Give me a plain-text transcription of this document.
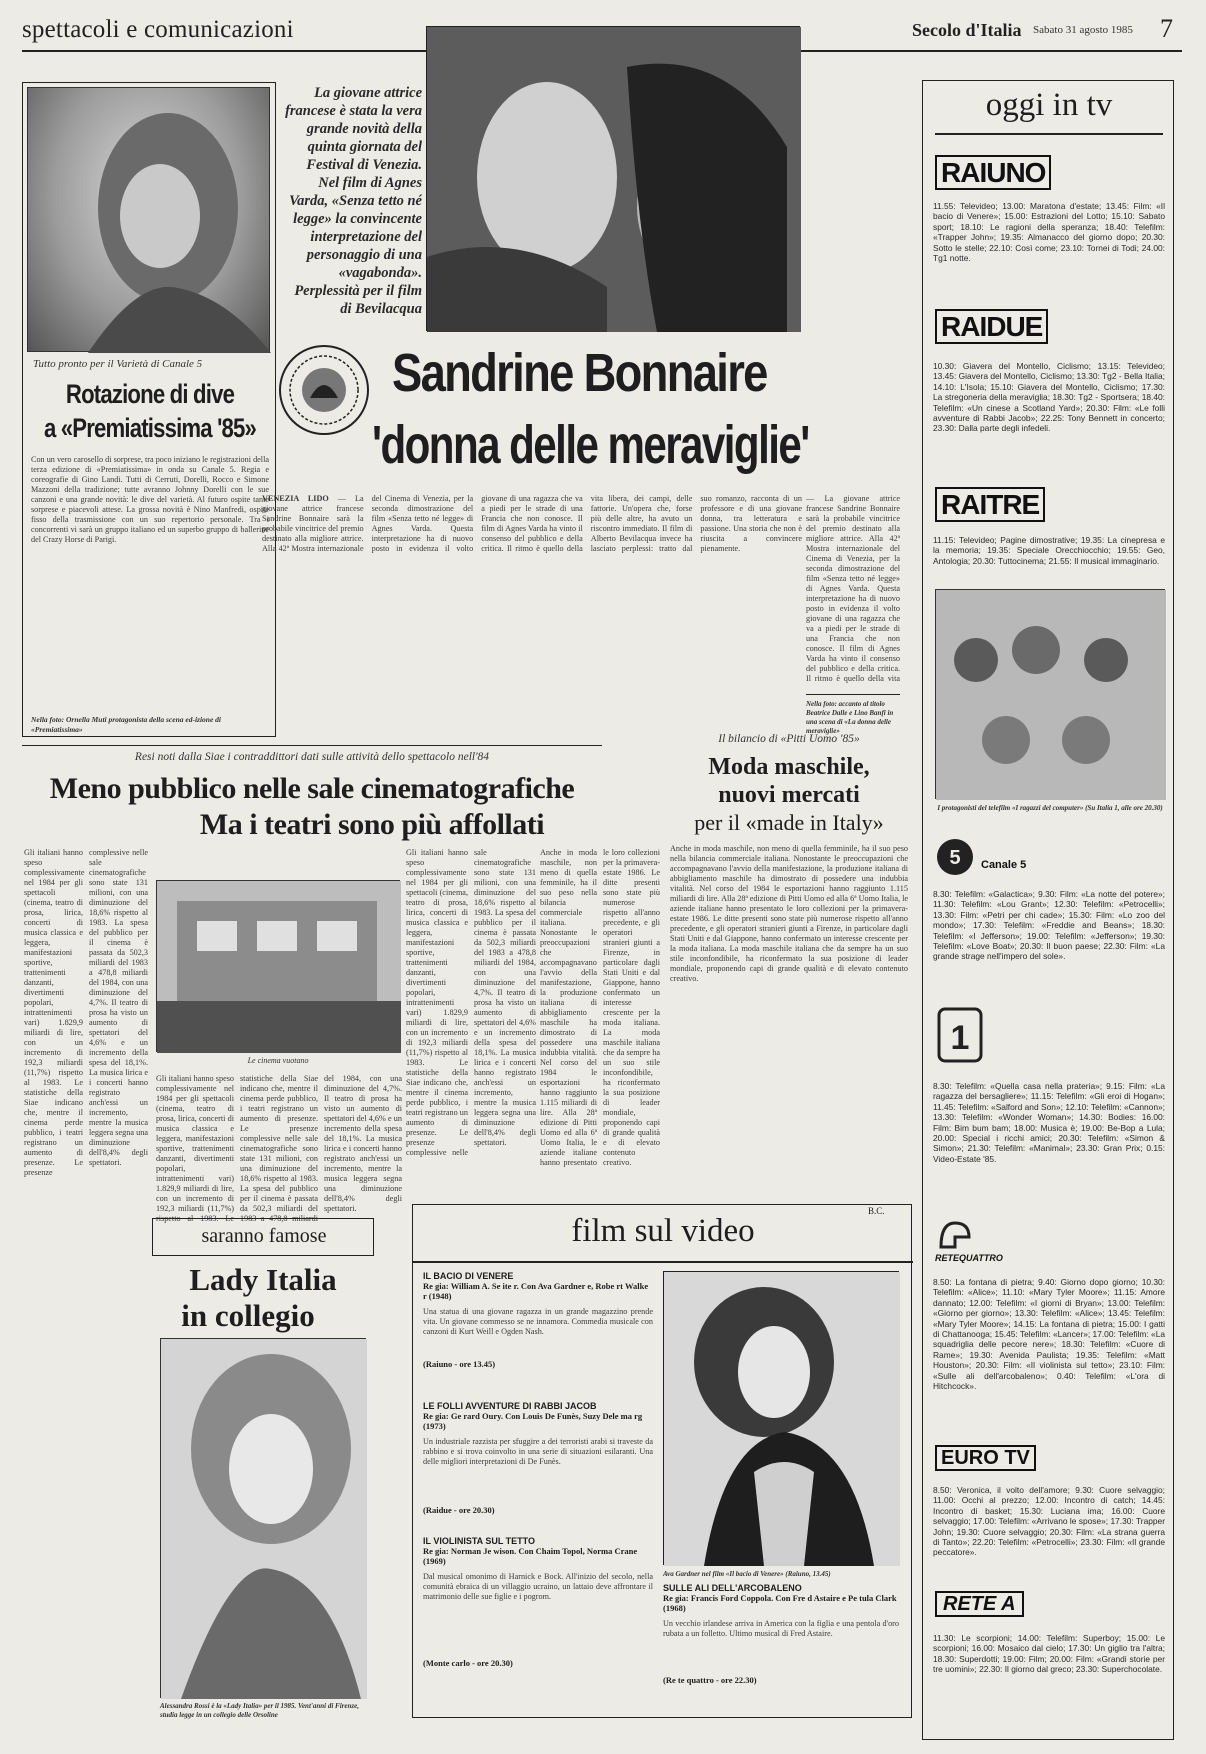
spettacoli e comunicazioni	Secolo d'Italia Sabato 31 agosto 1985 7
Tutto pronto per il Varietà di Canale 5
Rotazione di dive
a «Premiatissima '85»
Con un vero carosello di sorprese, tra poco iniziano le registrazioni della terza edizione di «Premiatissima» in onda su Canale 5. Regia e coreografie di Gino Landi. Tutti di Cerruti, Dorelli, Rocco e Simone Mazzoni della tradizione; tutte avranno Johnny Dorelli con le sue canzoni e una grande novità: le dive del varietà. Al futuro ospite tante sorprese e piacevoli attese. La grossa novità è Nino Manfredi, ospite fisso della trasmissione con un suo repertorio personale. Tra i concorrenti vi sarà un gruppo italiano ed un superbo gruppo di ballerine del Crazy Horse di Parigi.
Nella foto: Ornella Muti protagonista della scena ed-izione di «Premiatissima»
La giovane attrice francese è stata la vera grande novità della quinta giornata del Festival di Venezia. Nel film di Agnes Varda, «Senza tetto né legge» la convincente interpretazione del personaggio di una «vagabonda». Perplessità per il film di Bevilacqua
Sandrine Bonnaire
'donna delle meraviglie'
VENEZIA LIDO — La giovane attrice francese Sandrine Bonnaire sarà la probabile vincitrice del premio destinato alla migliore attrice. Alla 42ª Mostra internazionale del Cinema di Venezia, per la seconda dimostrazione del film «Senza tetto né legge» di Agnes Varda. Questa interpretazione ha di nuovo posto in evidenza il volto giovane di una ragazza che va a piedi per le strade di una Francia che non conosce. Il film di Agnes Varda ha vinto il consenso del pubblico e della critica. Il ritmo è quello della vita libera, dei campi, delle fattorie. Un'opera che, forse più delle altre, ha avuto un riscontro immediato. Il film di Alberto Bevilacqua invece ha lasciato perplessi: tratto dal suo romanzo, racconta di un professore e di una giovane donna, tra letteratura e passione. Una storia che non è riuscita a convincere pienamente.
— La giovane attrice francese Sandrine Bonnaire sarà la probabile vincitrice del premio destinato alla migliore attrice. Alla 42ª Mostra internazionale del Cinema di Venezia, per la seconda dimostrazione del film «Senza tetto né legge» di Agnes Varda. Questa interpretazione ha di nuovo posto in evidenza il volto giovane di una ragazza che va a piedi per le strade di una Francia che non conosce. Il film di Agnes Varda ha vinto il consenso del pubblico e della critica. Il ritmo è quello della vita
Nella foto: accanto al titolo Beatrice Dalle e Lino Banfi in una scena di «La donna delle meraviglie»
Resi noti dalla Siae i contraddittori dati sulle attività dello spettacolo nell'84
Meno pubblico nelle sale cinematografiche
Ma i teatri sono più affollati
Gli italiani hanno speso complessivamente nel 1984 per gli spettacoli (cinema, teatro di prosa, lirica, concerti di musica classica e leggera, manifestazioni sportive, trattenimenti danzanti, divertimenti popolari, intrattenimenti vari) 1.829,9 miliardi di lire, con un incremento di 192,3 miliardi (11,7%) rispetto al 1983. Le statistiche della Siae indicano che, mentre il cinema perde pubblico, i teatri registrano un aumento di presenze. Le presenze complessive nelle sale cinematografiche sono state 131 milioni, con una diminuzione del 18,6% rispetto al 1983. La spesa del pubblico per il cinema è passata da 502,3 miliardi del 1983 a 478,8 miliardi del 1984, con una diminuzione del 4,7%. Il teatro di prosa ha visto un aumento di spettatori del 4,6% e un incremento della spesa del 18,1%. La musica lirica e i concerti hanno registrato anch'essi un incremento, mentre la musica leggera segna una diminuzione dell'8,4% degli spettatori.
Le cinema vuotano
Gli italiani hanno speso complessivamente nel 1984 per gli spettacoli (cinema, teatro di prosa, lirica, concerti di musica classica e leggera, manifestazioni sportive, trattenimenti danzanti, divertimenti popolari, intrattenimenti vari) 1.829,9 miliardi di lire, con un incremento di 192,3 miliardi (11,7%) rispetto al 1983. Le statistiche della Siae indicano che, mentre il cinema perde pubblico, i teatri registrano un aumento di presenze. Le presenze complessive nelle sale cinematografiche sono state 131 milioni, con una diminuzione del 18,6% rispetto al 1983. La spesa del pubblico per il cinema è passata da 502,3 miliardi del 1983 a 478,8 miliardi del 1984, con una diminuzione del 4,7%. Il teatro di prosa ha visto un aumento di spettatori del 4,6% e un incremento della spesa del 18,1%. La musica lirica e i concerti hanno registrato anch'essi un incremento, mentre la musica leggera segna una diminuzione dell'8,4% degli spettatori.
Gli italiani hanno speso complessivamente nel 1984 per gli spettacoli (cinema, teatro di prosa, lirica, concerti di musica classica e leggera, manifestazioni sportive, trattenimenti danzanti, divertimenti popolari, intrattenimenti vari) 1.829,9 miliardi di lire, con un incremento di 192,3 miliardi (11,7%) rispetto al 1983. Le statistiche della Siae indicano che, mentre il cinema perde pubblico, i teatri registrano un aumento di presenze. Le presenze complessive nelle sale cinematografiche sono state 131 milioni, con una diminuzione del 18,6% rispetto al 1983. La spesa del pubblico per il cinema è passata da 502,3 miliardi del 1983 a 478,8 miliardi del 1984, con una diminuzione del 4,7%. Il teatro di prosa ha visto un aumento di spettatori del 4,6% e un incremento della spesa del 18,1%. La musica lirica e i concerti hanno registrato anch'essi un incremento, mentre la musica leggera segna una diminuzione dell'8,4% degli spettatori.
Il bilancio di «Pitti Uomo '85»
Moda maschile,
nuovi mercati
per il «made in Italy»
Anche in moda maschile, non meno di quella femminile, ha il suo peso nella bilancia commerciale italiana. Nonostante le preoccupazioni che accompagnavano l'avvio della manifestazione, la produzione italiana di abbigliamento maschile ha dimostrato di possedere una indubbia vitalità. Nel corso del 1984 le esportazioni hanno raggiunto 1.115 miliardi di lire. Alla 28ª edizione di Pitti Uomo ed alla 6ª Uomo Italia, le aziende italiane hanno presentato le loro collezioni per la primavera-estate 1986. Le ditte presenti sono state più numerose rispetto all'anno precedente, e gli operatori stranieri giunti a Firenze, in particolare dagli Stati Uniti e dal Giappone, hanno confermato un interesse crescente per la moda italiana. La moda maschile italiana che da sempre ha un suo stile inconfondibile, ha riconfermato la sua posizione di leader mondiale, proponendo capi di grande qualità e di elevato contenuto creativo.
B.C.
Anche in moda maschile, non meno di quella femminile, ha il suo peso nella bilancia commerciale italiana. Nonostante le preoccupazioni che accompagnavano l'avvio della manifestazione, la produzione italiana di abbigliamento maschile ha dimostrato di possedere una indubbia vitalità. Nel corso del 1984 le esportazioni hanno raggiunto 1.115 miliardi di lire. Alla 28ª edizione di Pitti Uomo ed alla 6ª Uomo Italia, le aziende italiane hanno presentato le loro collezioni per la primavera-estate 1986. Le ditte presenti sono state più numerose rispetto all'anno precedente, e gli operatori stranieri giunti a Firenze, in particolare dagli Stati Uniti e dal Giappone, hanno confermato un interesse crescente per la moda italiana. La moda maschile italiana che da sempre ha un suo stile inconfondibile, ha riconfermato la sua posizione di leader mondiale, proponendo capi di grande qualità e di elevato contenuto creativo.
saranno famose
Lady Italia
in collegio
Alessandra Rossi è la «Lady Italia» per il 1985. Vent'anni di Firenze, studia legge in un collegio delle Orsoline
film sul video
IL BACIO DI VENERE
Re gia: William A. Se ite r. Con Ava Gardner e, Robe rt Walke r (1948)
Una statua di una giovane ragazza in un grande magazzino prende vita. Un giovane commesso se ne innamora. Commedia musicale con canzoni di Kurt Weill e Ogden Nash.
(Raiuno - ore 13.45)
LE FOLLI AVVENTURE DI RABBI JACOB
Re gia: Ge rard Oury. Con Louis De Funès, Suzy Dele ma rg (1973)
Un industriale razzista per sfuggire a dei terroristi arabi si traveste da rabbino e si trova coinvolto in una serie di situazioni esilaranti. Una delle migliori interpretazioni di De Funès.
(Raidue - ore 20.30)
IL VIOLINISTA SUL TETTO
Re gia: Norman Je wison. Con Chaim Topol, Norma Crane (1969)
Dal musical omonimo di Harnick e Bock. All'inizio del secolo, nella comunità ebraica di un villaggio ucraino, un lattaio deve affrontare il matrimonio delle sue figlie e i pogrom.
(Monte carlo - ore 20.30)
Ava Gardner nel film «Il bacio di Venere» (Raiuno, 13.45)
SULLE ALI DELL'ARCOBALENO
Re gia: Francis Ford Coppola. Con Fre d Astaire e Pe tula Clark (1968)
Un vecchio irlandese arriva in America con la figlia e una pentola d'oro rubata a un folletto. Ultimo musical di Fred Astaire.
(Re te quattro - ore 22.30)
oggi in tv
RAIUNO
11.55: Televideo; 13.00: Maratona d'estate; 13.45: Film: «Il bacio di Venere»; 15.00: Estrazioni del Lotto; 15.10: Sabato sport; 18.10: Le ragioni della speranza; 18.40: Telefilm: «Trapper John»; 19.35: Almanacco del giorno dopo; 20.30: Sotto le stelle; 22.10: Così come; 23.10: Tornei di Todi; 24.00: Tg1 notte.
RAIDUE
10.30: Giavera del Montello, Ciclismo; 13.15: Televideo; 13.45: Giavera del Montello, Ciclismo; 13.30: Tg2 - Bella Italia; 14.10: L'Isola; 15.10: Giavera del Montello, Ciclismo; 17.30: La stregoneria della meraviglia; 18.30: Tg2 - Sportsera; 18.40: Telefilm: «Un cinese a Scotland Yard»; 20.30: Film: «Le folli avventure di Rabbi Jacob»; 22.25: Tony Bennett in concerto; 23.30: Dalla parte degli infedeli.
RAITRE
11.15: Televideo; Pagine dimostrative; 19.35: La cinepresa e la memoria; 19.35: Speciale Orecchiocchio; 19.55: Geo, Antologia; 20.30: Tuttocinema; 21.55: Il musical immaginario.
I protagonisti del telefilm «I ragazzi del computer» (Su Italia 1, alle ore 20.30)
5 Canale 5
8.30: Telefilm: «Galactica»; 9.30: Film: «La notte del potere»; 11.30: Telefilm: «Lou Grant»; 12.30: Telefilm: «Petrocelli»; 13.30: Film: «Petri per chi cade»; 15.30: Film: «Lo zoo del mondo»; 17.30: Telefilm: «Freddie and Beans»; 18.30: Telefilm: «I Jefferson»; 19.00: Telefilm: «Jefferson»; 19.30: Telefilm: «Love Boat»; 20.30: Il buon paese; 22.30: Film: «La grande strage nell'impero del sole».
1
8.30: Telefilm: «Quella casa nella prateria»; 9.15: Film: «La ragazza del bersagliere»; 11.15: Telefilm: «Gli eroi di Hogan»; 11.45: Telefilm: «Salford and Son»; 12.10: Telefilm: «Cannon»; 13.30: Telefilm: «Wonder Woman»; 14.30: Bodies: 16.00: Film: Bim bum bam; 18.00: Musica è; 19.00: Be-Bop a Lula; 20.00: Special i ricchi amici; 20.30: Telefilm: «Simon & Simon»; 21.30: Telefilm: «Manimal»; 23.30: Gran Prix; 0.15: Video-Estate '85.
RETEQUATTRO
8.50: La fontana di pietra; 9.40: Giorno dopo giorno; 10.30: Telefilm: «Alice»; 11.10: «Mary Tyler Moore»; 11.15: Amore dannato; 12.00: Telefilm: «I giorni di Bryan»; 13.00: Telefilm: «Giorno per giorno»; 13.30: Telefilm: «Alice»; 13.45: Telefilm: «Mary Tyler Moore»; 14.15: La fontana di pietra; 15.00: I gatti di Chattanooga; 15.45: Telefilm: «Lancer»; 17.00: Telefilm: «La squadriglia delle pecore nere»; 18.30: Telefilm: «Cuore di Rame»; 19.30: Avenida Paulista; 19.35: Telefilm: «Matt Houston»; 20.30: Film: «Il violinista sul tetto»; 23.10: Film: «Sulle ali dell'arcobaleno»; 0.40: Telefilm: «L'ora di Hitchcock».
EURO TV
8.50: Veronica, il volto dell'amore; 9.30: Cuore selvaggio; 11.00: Occhi al prezzo; 12.00: Incontro di catch; 14.45: Incontro di basket; 15.30: Luciana ima; 16.00: Cuore selvaggio; 17.00: Telefilm: «Arrivano le spose»; 17.30: Trapper John; 19.30: Cuore selvaggio; 20.30: Film: «La strana guerra di Tanto»; 22.20: Telefilm: «Petrocelli»; 23.30: Film: «Il grande peccatore».
RETE A
11.30: Le scorpioni; 14.00: Telefilm: Superboy; 15.00: Le scorpioni; 16.00: Mosaico dal cielo; 17.30: Un giglio tra l'altra; 18.30: Superdotti; 19.00: Film; 20.00: Film: «Grandi storie per tre uomini»; 22.30: Il giorno dal greco; 23.30: Superchocolate.
